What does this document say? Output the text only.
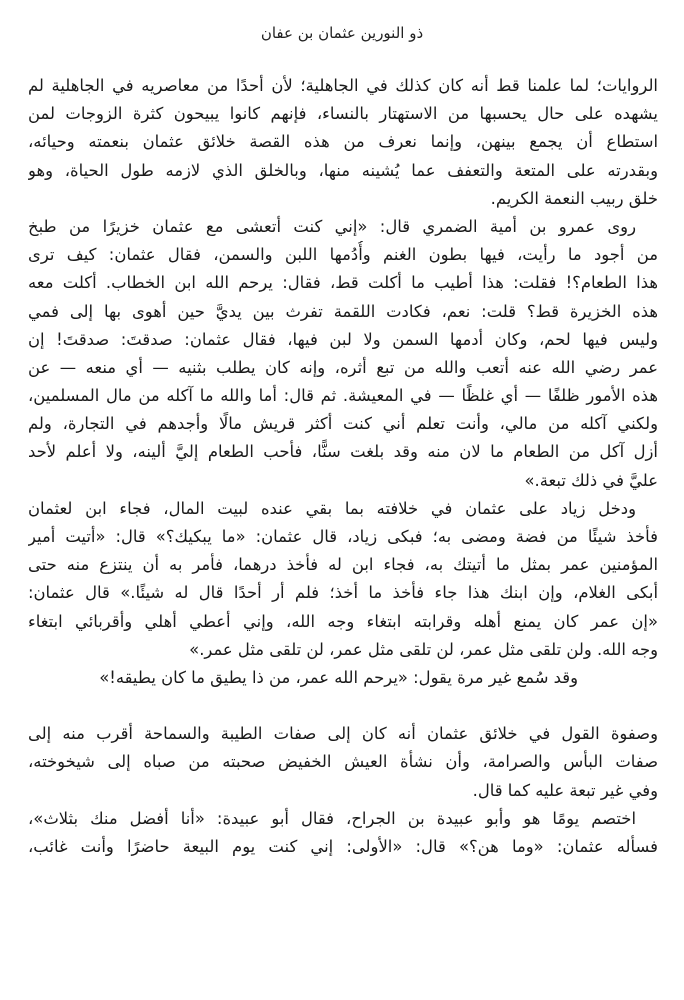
ذو النورين عثمان بن عفان
الروايات؛ لما علمنا قط أنه كان كذلك في الجاهلية؛ لأن أحدًا من معاصريه في الجاهلية لم
يشهده على حال يحسبها من الاستهتار بالنساء، فإنهم كانوا يبيحون كثرة الزوجات لمن
استطاع أن يجمع بينهن، وإنما نعرف من هذه القصة خلائق عثمان بنعمته وحيائه،
وبقدرته على المتعة والتعفف عما يُشينه منها، وبالخلق الذي لازمه طول الحياة، وهو
خلق ربيب النعمة الكريم.
روى عمرو بن أمية الضمري قال: «إني كنت أتعشى مع عثمان خزيرًا من طبخ
من أجود ما رأيت، فيها بطون الغنم وأُدُمها اللبن والسمن، فقال عثمان: كيف ترى
هذا الطعام؟! فقلت: هذا أطيب ما أكلت قط، فقال: يرحم الله ابن الخطاب. أكلت معه
هذه الخزيرة قط؟ قلت: نعم، فكادت اللقمة تفرث بين يديَّ حين أهوى بها إلى فمي
وليس فيها لحم، وكان أدمها السمن ولا لبن فيها، فقال عثمان: صدقتَ: صدقتَ! إن
عمر رضي الله عنه أتعب والله من تبع أثره، وإنه كان يطلب بثنيه — أي منعه — عن
هذه الأمور ظلفًا — أي غلظًا — في المعيشة. ثم قال: أما والله ما آكله من مال المسلمين،
ولكني آكله من مالي، وأنت تعلم أني كنت أكثر قريش مالًا وأجدهم في التجارة، ولم
أزل آكل من الطعام ما لان منه وقد بلغت سنًّا، فأحب الطعام إليَّ ألينه، ولا أعلم لأحد
عليَّ في ذلك تبعة.»
ودخل زياد على عثمان في خلافته بما بقي عنده لبيت المال، فجاء ابن لعثمان
فأخذ شيئًا من فضة ومضى به؛ فبكى زياد، قال عثمان: «ما يبكيك؟» قال: «أتيت أمير
المؤمنين عمر بمثل ما أتيتك به، فجاء ابن له فأخذ درهما، فأمر به أن ينتزع منه حتى
أبكى الغلام، وإن ابنك هذا جاء فأخذ ما أخذ؛ فلم أر أحدًا قال له شيئًا.» قال عثمان:
«إن عمر كان يمنع أهله وقرابته ابتغاء وجه الله، وإني أعطي أهلي وأقربائي ابتغاء
وجه الله. ولن تلقى مثل عمر، لن تلقى مثل عمر، لن تلقى مثل عمر.»
وقد سُمع غير مرة يقول: «يرحم الله عمر، من ذا يطيق ما كان يطيقه!»
وصفوة القول في خلائق عثمان أنه كان إلى صفات الطيبة والسماحة أقرب منه إلى
صفات البأس والصرامة، وأن نشأة العيش الخفيض صحبته من صباه إلى شيخوخته،
وفي غير تبعة عليه كما قال.
اختصم يومًا هو وأبو عبيدة بن الجراح، فقال أبو عبيدة: «أنا أفضل منك بثلاث»،
فسأله عثمان: «وما هن؟» قال: «الأولى: إني كنت يوم البيعة حاضرًا وأنت غائب،
